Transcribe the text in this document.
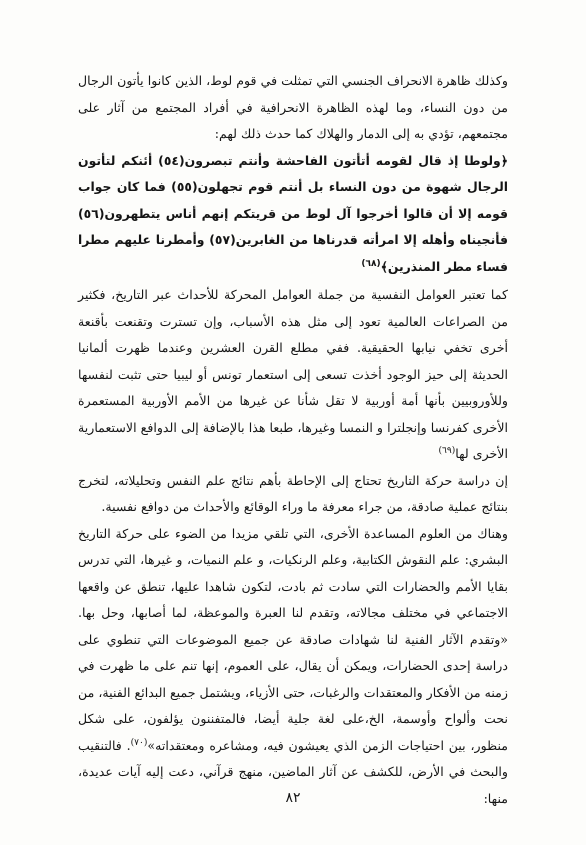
وكذلك ظاهرة الانحراف الجنسي التي تمثلت في قوم لوط، الذين كانوا يأتون الرجال من دون النساء، وما لهذه الظاهرة الانحرافية في أفراد المجتمع من آثار على مجتمعهم، تؤدي به إلى الدمار والهلاك كما حدث ذلك لهم:

﴿ولوطا إذ قال لقومه أتأتون الفاحشة وأنتم تبصرون(٥٤) أئنكم لتأتون الرجال شهوة من دون النساء بل أنتم قوم تجهلون(٥٥) فما كان جواب قومه إلا أن قالوا أخرجوا آل لوط من قريتكم إنهم أناس يتطهرون(٥٦) فأنجيناه وأهله إلا امرأته قدرناها من الغابرين(٥٧) وأمطرنا عليهم مطرا فساء مطر المنذرين﴾$^{(٦٨)}$

كما تعتبر العوامل النفسية من جملة العوامل المحركة للأحداث عبر التاريخ، فكثير من الصراعات العالمية تعود إلى مثل هذه الأسباب، وإن تسترت وتقنعت بأقنعة أخرى تخفي نيابها الحقيقية. ففي مطلع القرن العشرين وعندما ظهرت ألمانيا الحديثة إلى حيز الوجود أخذت تسعى إلى استعمار تونس أو ليبيا حتى تثبت لنفسها وللأوروبيين بأنها أمة أوربية لا تقل شأنا عن غيرها من الأمم الأوربية المستعمرة الأخرى كفرنسا وإنجلترا و النمسا وغيرها، طبعا هذا بالإضافة إلى الدوافع الاستعمارية الأخرى لها$^{(٦٩)}$

إن دراسة حركة التاريخ تحتاج إلى الإحاطة بأهم نتائج علم النفس وتحليلاته، لتخرج بنتائج عملية صادقة، من جراء معرفة ما وراء الوقائع والأحداث من دوافع نفسية.

وهناك من العلوم المساعدة الأخرى، التي تلقي مزيدا من الضوء على حركة التاريخ البشري: علم النقوش الكتابية، وعلم الرنكيات، و علم النميات، و غيرها، التي تدرس بقايا الأمم والحضارات التي سادت ثم بادت، لتكون شاهدا عليها، تنطق عن واقعها الاجتماعي في مختلف مجالاته، وتقدم لنا العبرة والموعظة، لما أصابها، وحل بها. «وتقدم الآثار الفنية لنا شهادات صادقة عن جميع الموضوعات التي تنطوي على دراسة إحدى الحضارات، ويمكن أن يقال، على العموم، إنها تنم على ما ظهرت في زمنه من الأفكار والمعتقدات والرغبات، حتى الأزياء، ويشتمل جميع البدائع الفنية، من نحت وألواح وأوسمة، الخ،على لغة جلية أيضا، فالمتفننون يؤلفون، على شكل منظور، بين احتياجات الزمن الذي يعيشون فيه، ومشاعره ومعتقداته»$^{(٧٠)}$. فالتنقيب والبحث في الأرض، للكشف عن آثار الماضين، منهج قرآني، دعت إليه آيات عديدة، منها:

٨٢
